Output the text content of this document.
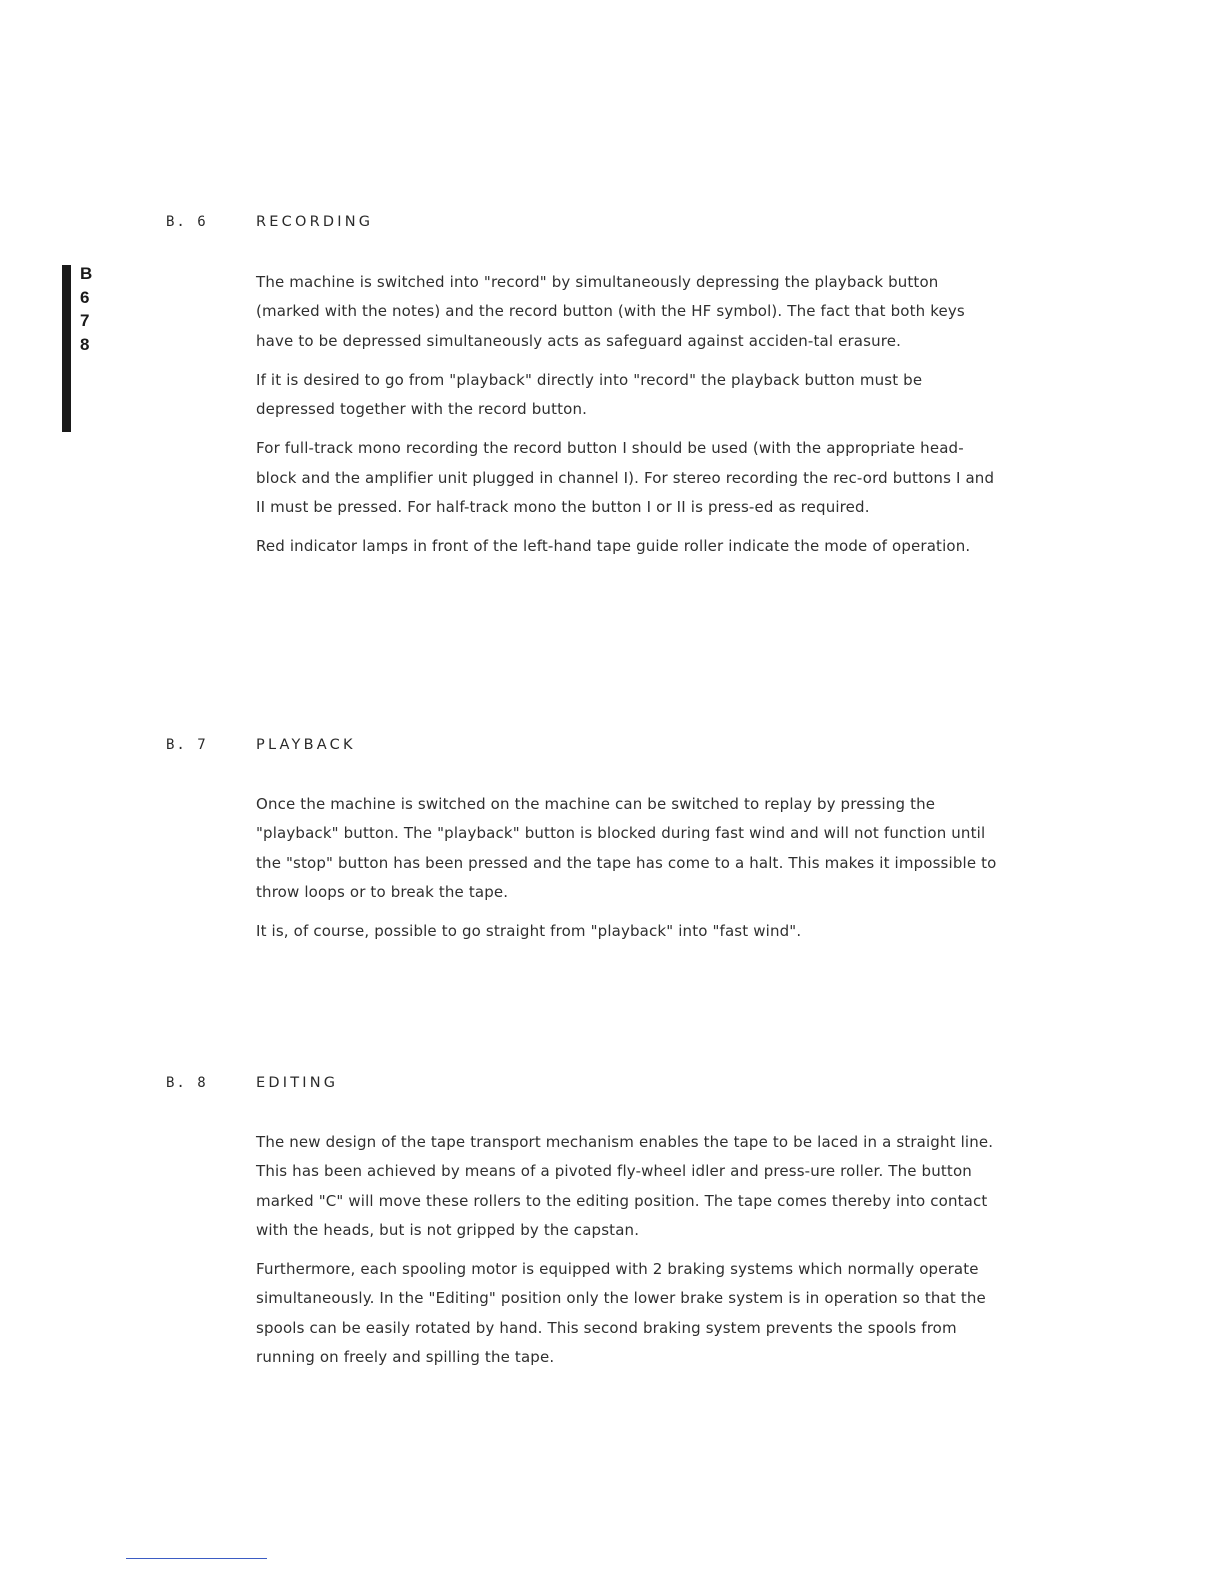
B
6
7
8
B. 6	RECORDING

The machine is switched into "record" by simultaneously depressing the playback button (marked with the notes) and the record button (with the HF symbol). The fact that both keys have to be depressed simultaneously acts as safeguard against acciden-tal erasure.

If it is desired to go from "playback" directly into "record" the playback button must be depressed together with the record button.

For full-track mono recording the record button I should be used (with the appropriate head-block and the amplifier unit plugged in channel I). For stereo recording the rec-ord buttons I and II must be pressed. For half-track mono the button I or II is press-ed as required.

Red indicator lamps in front of the left-hand tape guide roller indicate the mode of operation.

B. 7	PLAYBACK

Once the machine is switched on the machine can be switched to replay by pressing the "playback" button. The "playback" button is blocked during fast wind and will not function until the "stop" button has been pressed and the tape has come to a halt. This makes it impossible to throw loops or to break the tape.

It is, of course, possible to go straight from "playback" into "fast wind".

B. 8	EDITING

The new design of the tape transport mechanism enables the tape to be laced in a straight line. This has been achieved by means of a pivoted fly-wheel idler and press-ure roller. The button marked "C" will move these rollers to the editing position. The tape comes thereby into contact with the heads, but is not gripped by the capstan.

Furthermore, each spooling motor is equipped with 2 braking systems which normally operate simultaneously. In the "Editing" position only the lower brake system is in operation so that the spools can be easily rotated by hand. This second braking system prevents the spools from running on freely and spilling the tape.
